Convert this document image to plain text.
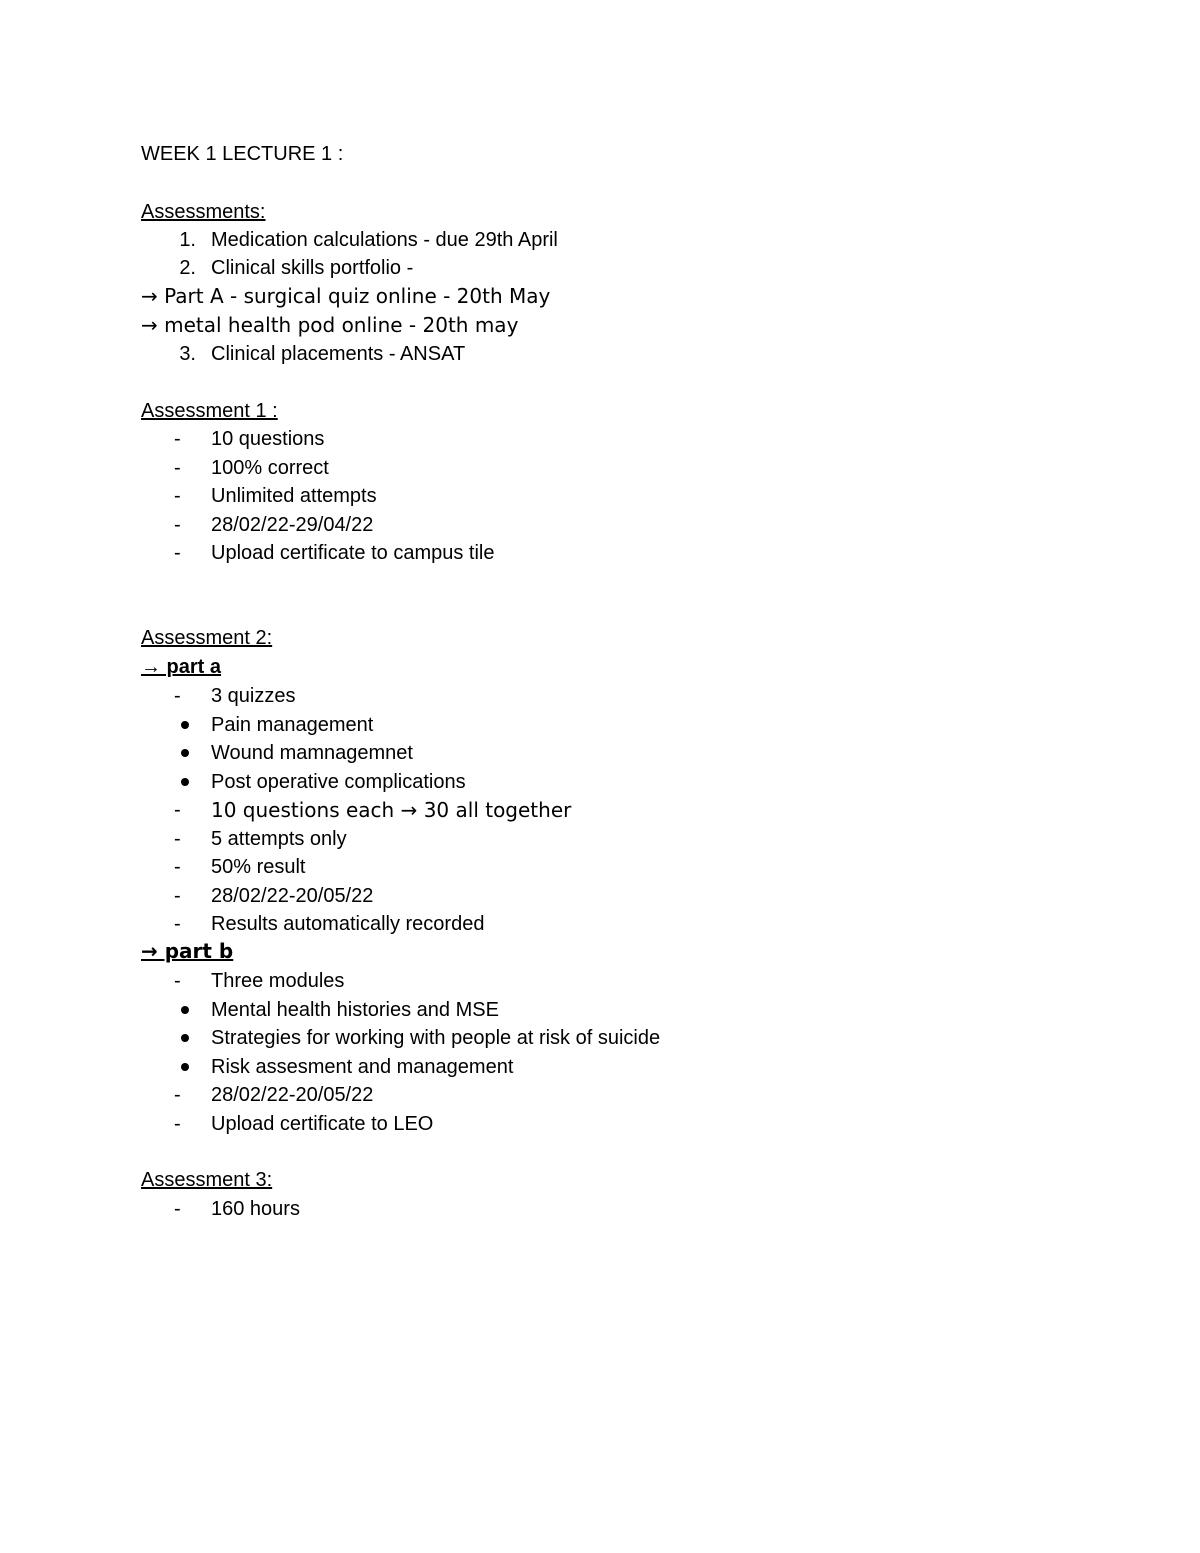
WEEK 1 LECTURE 1 :
Assessments:
1. Medication calculations - due 29th April
2. Clinical skills portfolio -
→ Part A - surgical quiz online - 20th May
→ metal health pod online - 20th may
3. Clinical placements - ANSAT
Assessment 1 :
Assessment 2:
→ part a
→ part b
Assessment 3:
- 10 questions
- 100% correct
- Unlimited attempts
- 28/02/22-29/04/22
- Upload certificate to campus tile
- 3 quizzes
Pain management
Wound mamnagemnet
Post operative complications
- 10 questions each → 30 all together
- 5 attempts only
- 50% result
- 28/02/22-20/05/22
- Results automatically recorded
- Three modules
Mental health histories and MSE
Strategies for working with people at risk of suicide
Risk assesment and management
- 28/02/22-20/05/22
- Upload certificate to LEO
- 160 hours
